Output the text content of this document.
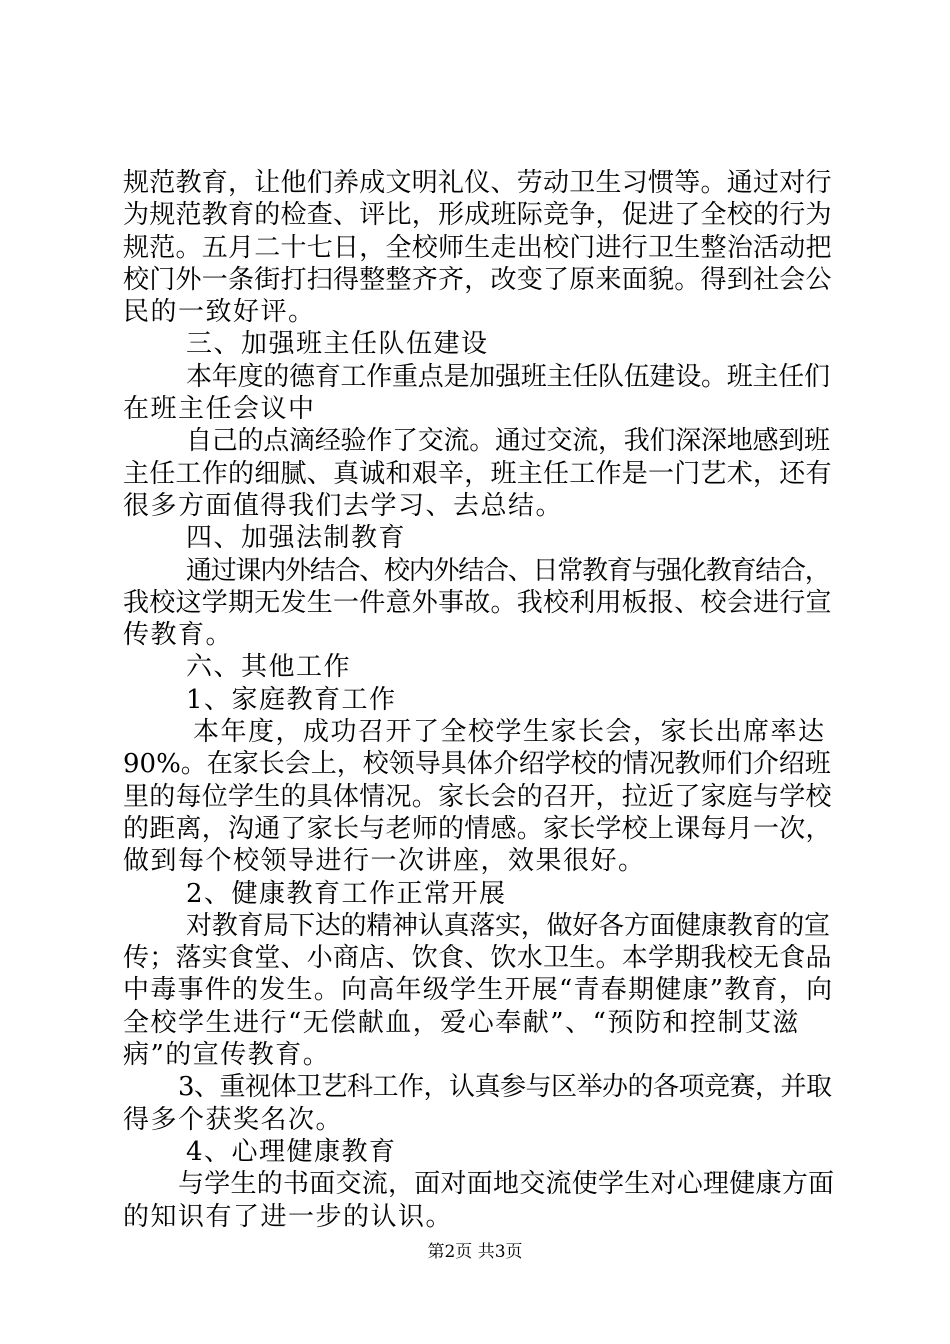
规范教育，让他们养成文明礼仪、劳动卫生习惯等。通过对行
为规范教育的检查、评比，形成班际竞争，促进了全校的行为
规范。五月二十七日，全校师生走出校门进行卫生整治活动把
校门外一条街打扫得整整齐齐，改变了原来面貌。得到社会公
民的一致好评。
三、加强班主任队伍建设
本年度的德育工作重点是加强班主任队伍建设。班主任们
在班主任会议中
自己的点滴经验作了交流。通过交流，我们深深地感到班
主任工作的细腻、真诚和艰辛，班主任工作是一门艺术，还有
很多方面值得我们去学习、去总结。
四、加强法制教育
通过课内外结合、校内外结合、日常教育与强化教育结合，
我校这学期无发生一件意外事故。我校利用板报、校会进行宣
传教育。
六、其他工作
1、家庭教育工作
本年度，成功召开了全校学生家长会，家长出席率达
90%。在家长会上，校领导具体介绍学校的情况教师们介绍班
里的每位学生的具体情况。家长会的召开，拉近了家庭与学校
的距离，沟通了家长与老师的情感。家长学校上课每月一次，
做到每个校领导进行一次讲座，效果很好。
2、健康教育工作正常开展
对教育局下达的精神认真落实，做好各方面健康教育的宣
传；落实食堂、小商店、饮食、饮水卫生。本学期我校无食品
中毒事件的发生。向高年级学生开展“青春期健康”教育，向
全校学生进行“无偿献血，爱心奉献”、“预防和控制艾滋
病”的宣传教育。
3、重视体卫艺科工作，认真参与区举办的各项竞赛，并取
得多个获奖名次。
4、心理健康教育
与学生的书面交流，面对面地交流使学生对心理健康方面
的知识有了进一步的认识。
第2页 共3页
